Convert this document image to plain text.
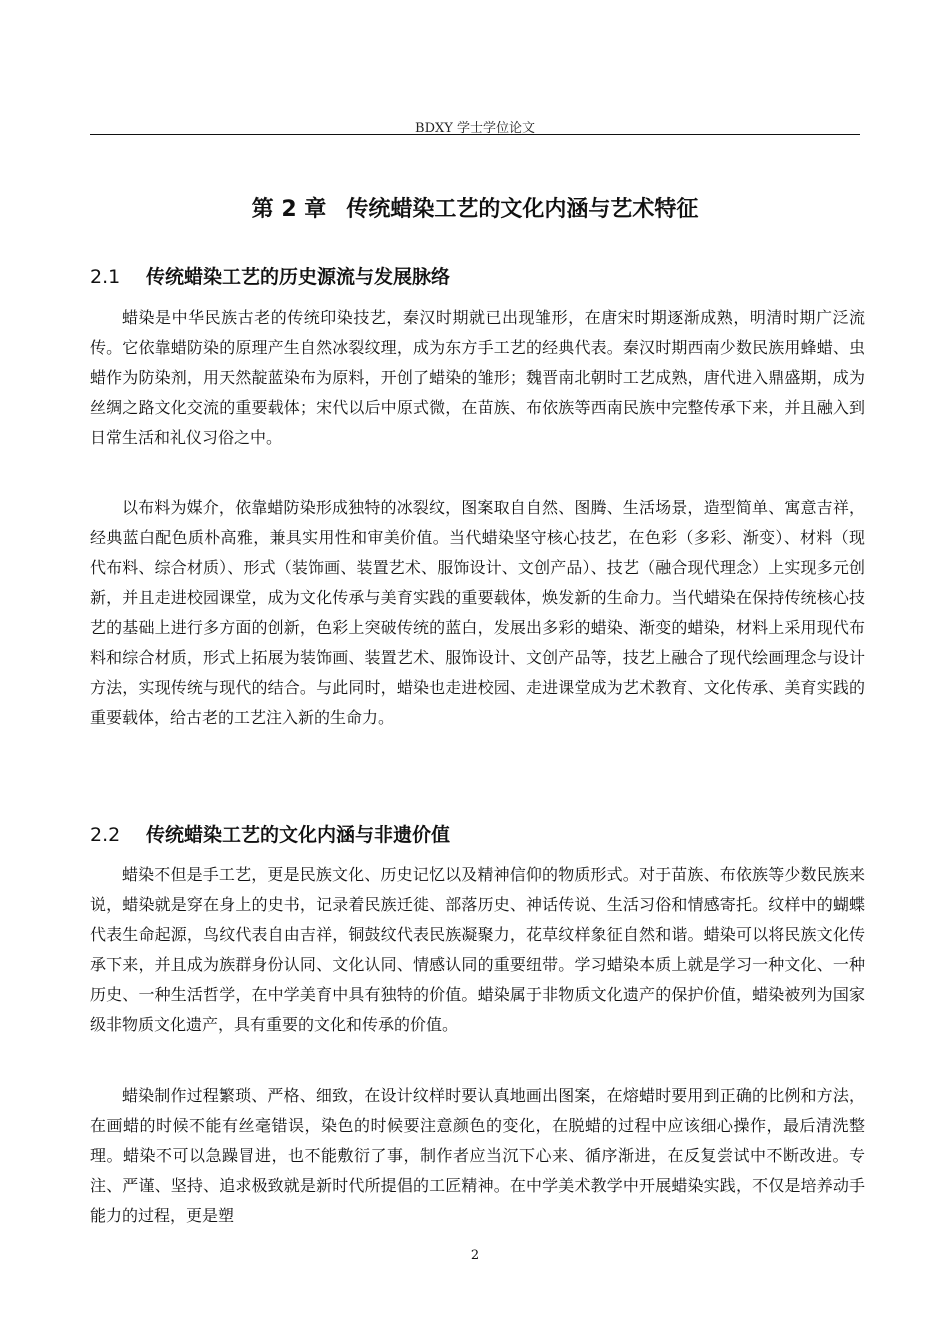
BDXY 学士学位论文
第 2 章 传统蜡染工艺的文化内涵与艺术特征
2.1 传统蜡染工艺的历史源流与发展脉络

蜡染是中华民族古老的传统印染技艺，秦汉时期就已出现雏形，在唐宋时期逐渐成熟，明清时期广泛流传。它依靠蜡防染的原理产生自然冰裂纹理，成为东方手工艺的经典代表。秦汉时期西南少数民族用蜂蜡、虫蜡作为防染剂，用天然靛蓝染布为原料，开创了蜡染的雏形；魏晋南北朝时工艺成熟，唐代进入鼎盛期，成为丝绸之路文化交流的重要载体；宋代以后中原式微，在苗族、布依族等西南民族中完整传承下来，并且融入到日常生活和礼仪习俗之中。

以布料为媒介，依靠蜡防染形成独特的冰裂纹，图案取自自然、图腾、生活场景，造型简单、寓意吉祥，经典蓝白配色质朴高雅，兼具实用性和审美价值。当代蜡染坚守核心技艺，在色彩（多彩、渐变）、材料（现代布料、综合材质）、形式（装饰画、装置艺术、服饰设计、文创产品）、技艺（融合现代理念）上实现多元创新，并且走进校园课堂，成为文化传承与美育实践的重要载体，焕发新的生命力。当代蜡染在保持传统核心技艺的基础上进行多方面的创新，色彩上突破传统的蓝白，发展出多彩的蜡染、渐变的蜡染，材料上采用现代布料和综合材质，形式上拓展为装饰画、装置艺术、服饰设计、文创产品等，技艺上融合了现代绘画理念与设计方法，实现传统与现代的结合。与此同时，蜡染也走进校园、走进课堂成为艺术教育、文化传承、美育实践的重要载体，给古老的工艺注入新的生命力。

2.2 传统蜡染工艺的文化内涵与非遗价值

蜡染不但是手工艺，更是民族文化、历史记忆以及精神信仰的物质形式。对于苗族、布依族等少数民族来说，蜡染就是穿在身上的史书，记录着民族迁徙、部落历史、神话传说、生活习俗和情感寄托。纹样中的蝴蝶代表生命起源，鸟纹代表自由吉祥，铜鼓纹代表民族凝聚力，花草纹样象征自然和谐。蜡染可以将民族文化传承下来，并且成为族群身份认同、文化认同、情感认同的重要纽带。学习蜡染本质上就是学习一种文化、一种历史、一种生活哲学，在中学美育中具有独特的价值。蜡染属于非物质文化遗产的保护价值，蜡染被列为国家级非物质文化遗产，具有重要的文化和传承的价值。

蜡染制作过程繁琐、严格、细致，在设计纹样时要认真地画出图案，在熔蜡时要用到正确的比例和方法，在画蜡的时候不能有丝毫错误，染色的时候要注意颜色的变化，在脱蜡的过程中应该细心操作，最后清洗整理。蜡染不可以急躁冒进，也不能敷衍了事，制作者应当沉下心来、循序渐进，在反复尝试中不断改进。专注、严谨、坚持、追求极致就是新时代所提倡的工匠精神。在中学美术教学中开展蜡染实践，不仅是培养动手能力的过程，更是塑

2
